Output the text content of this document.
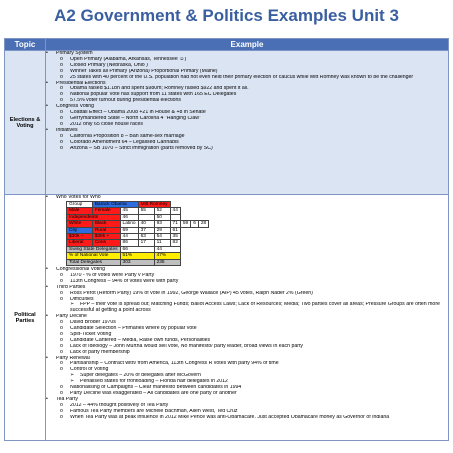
A2 Government & Politics Examples Unit 3
Topic	Example
Elections & Voting	
• Primary System
o Open Primary (Alabama, Arkansas, Tennessee ☺)
o Closed Primary (Nebraska, Ohio )
o Winner Takes all Primary (Arizona) Proportional Primary (Maine)
o 25 states with 40 percent of the U.S. population had not even held their primary election or caucus while Mitt Romney was known to be the challenger
• Presidential Elections
o Obama raised $1.1bn and spent $980m; Romney raised $922 and spent it all.
o National popular Vote has support from 11 states with 165 EC Delegates
o 57.5% voter turnout during presidential elections
• Congress Voting
o Coattail Effect – Obama 2008 +21 in House & +8 in Senate
o Gerrymandered State – North Carolina 4 "Hanging Claw"
o 2012 only 65 close house races
• Initiatives
o California Proposition 8 – Ban same-sex marriage
o Colorado Amendment 64 – Legalised Cannabis
o Arizona – SB 1070 – Strict immigration (parts removed by SC)

Political Parties	
• Who Votes for Who
Group	Barack Obama	Mitt Romney
Male	Female	45	55	52	44
Independents	46		50	
White	Black	Latino	40	93	71	59	6	28
City	Rural	69	37	29	61
$30k –	$30k +	44	63	54	35
Liberal	Cons	86	17	11	82
Swing State Delegates	66	44
% of National Vote	51%	47%
Total Delegates	303	235
• Congressional Voting
o 1970 - % of votes were Party v Party
o 113th Congress – 94% of votes were with party
• Third Parties
o Ross Perot (Reform Party) 19% of vote in 1992, George Wallace (AIP) 45 votes, Ralph Nader 2% (Green)
o Difficulties
➢ FPP – their vote is spread out; Matching Funds; Ballot Access Laws; Lack of Resources; Media; Two parties cover all areas; Pressure Groups are often more successful at getting a point across
• Party Decline
o David Broder 1970s
o Candidate Selection – Primaries where by popular vote
o Split-Ticket Voting
o Candidate Cantered – Media, Raise own funds, Personalities
o Lack of Ideology – John Murtha would sell vote, No manifesto/ party leader, broad views in each party
o Lack of party membership
• Party Renewal
o Partisanship – Contract with/ from America, 113th Congress R votes with party 94% of time
o Control of Voting
➢ Super delegates – 20% of delegates after McGovern
➢ Penalised states for frontloading – Florida half delegates in 2012
o Nationalising of Campaigns – Clear manifesto between candidates in 1994
o Party Decline was exaggerated – All candidates are one party or another
• Tea Party
o 2012 – 44% thought positively of Tea Party
o Famous Tea Party members are Michele Bachman, Allen West, Ted Cruz
o When Tea Party was at peak influence in 2012 Mike Pence was anti-Obamacare. Just accepted Obamacare money as Governor of Indiana
